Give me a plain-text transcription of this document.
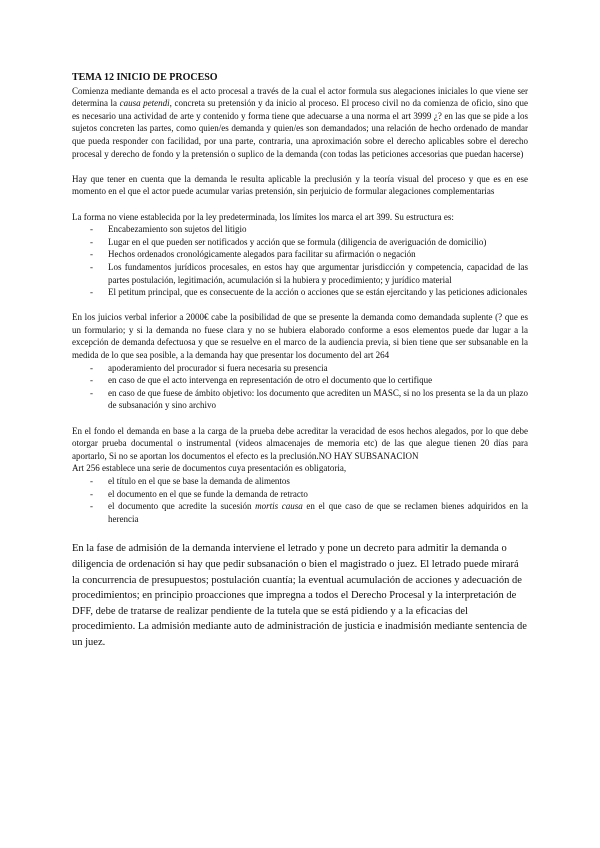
TEMA 12 INICIO DE PROCESO

Comienza mediante demanda es el acto procesal a través de la cual el actor formula sus alegaciones iniciales lo que viene ser determina la causa petendi, concreta su pretensión y da inicio al proceso. El proceso civil no da comienza de oficio, sino que es necesario una actividad de arte y contenido y forma tiene que adecuarse a una norma el art 3999 ¿? en las que se pide a los sujetos concreten las partes, como quien/es demanda y quien/es son demandados; una relación de hecho ordenado de mandar que pueda responder con facilidad, por una parte, contraria, una aproximación sobre el derecho aplicables sobre el derecho procesal y derecho de fondo y la pretensión o suplico de la demanda (con todas las peticiones accesorias que puedan hacerse)

Hay que tener en cuenta que la demanda le resulta aplicable la preclusión y la teoría visual del proceso y que es en ese momento en el que el actor puede acumular varias pretensión, sin perjuicio de formular alegaciones complementarias

La forma no viene establecida por la ley predeterminada, los límites los marca el art 399. Su estructura es:

- Encabezamiento son sujetos del litigio
- Lugar en el que pueden ser notificados y acción que se formula (diligencia de averiguación de domicilio)
- Hechos ordenados cronológicamente alegados para facilitar su afirmación o negación
- Los fundamentos jurídicos procesales, en estos hay que argumentar jurisdicción y competencia, capacidad de las partes postulación, legitimación, acumulación si la hubiera y procedimiento; y jurídico material
- El petitum principal, que es consecuente de la acción o acciones que se están ejercitando y las peticiones adicionales

En los juicios verbal inferior a 2000€ cabe la posibilidad de que se presente la demanda como demandada suplente (? que es un formulario; y si la demanda no fuese clara y no se hubiera elaborado conforme a esos elementos puede dar lugar a la excepción de demanda defectuosa y que se resuelve en el marco de la audiencia previa, si bien tiene que ser subsanable en la medida de lo que sea posible, a la demanda hay que presentar los documento del art 264

- apoderamiento del procurador si fuera necesaria su presencia
- en caso de que el acto intervenga en representación de otro el documento que lo certifique
- en caso de que fuese de ámbito objetivo: los documento que acrediten un MASC, si no los presenta se la da un plazo de subsanación y sino archivo

En el fondo el demanda en base a la carga de la prueba debe acreditar la veracidad de esos hechos alegados, por lo que debe otorgar prueba documental o instrumental (videos almacenajes de memoria etc) de las que alegue tienen 20 días para aportarlo, Si no se aportan los documentos el efecto es la preclusión.NO HAY SUBSANACION

Art 256 establece una serie de documentos cuya presentación es obligatoria,

- el título en el que se base la demanda de alimentos
- el documento en el que se funde la demanda de retracto
- el documento que acredite la sucesión mortis causa en el que caso de que se reclamen bienes adquiridos en la herencia

En la fase de admisión de la demanda interviene el letrado y pone un decreto para admitir la demanda o diligencia de ordenación si hay que pedir subsanación o bien el magistrado o juez. El letrado puede mirará la concurrencia de presupuestos; postulación cuantía; la eventual acumulación de acciones y adecuación de procedimientos; en principio proacciones que impregna a todos el Derecho Procesal y la interpretación de DFF, debe de tratarse de realizar pendiente de la tutela que se está pidiendo y a la eficacias del procedimiento. La admisión mediante auto de administración de justicia e inadmisión mediante sentencia de un juez.
